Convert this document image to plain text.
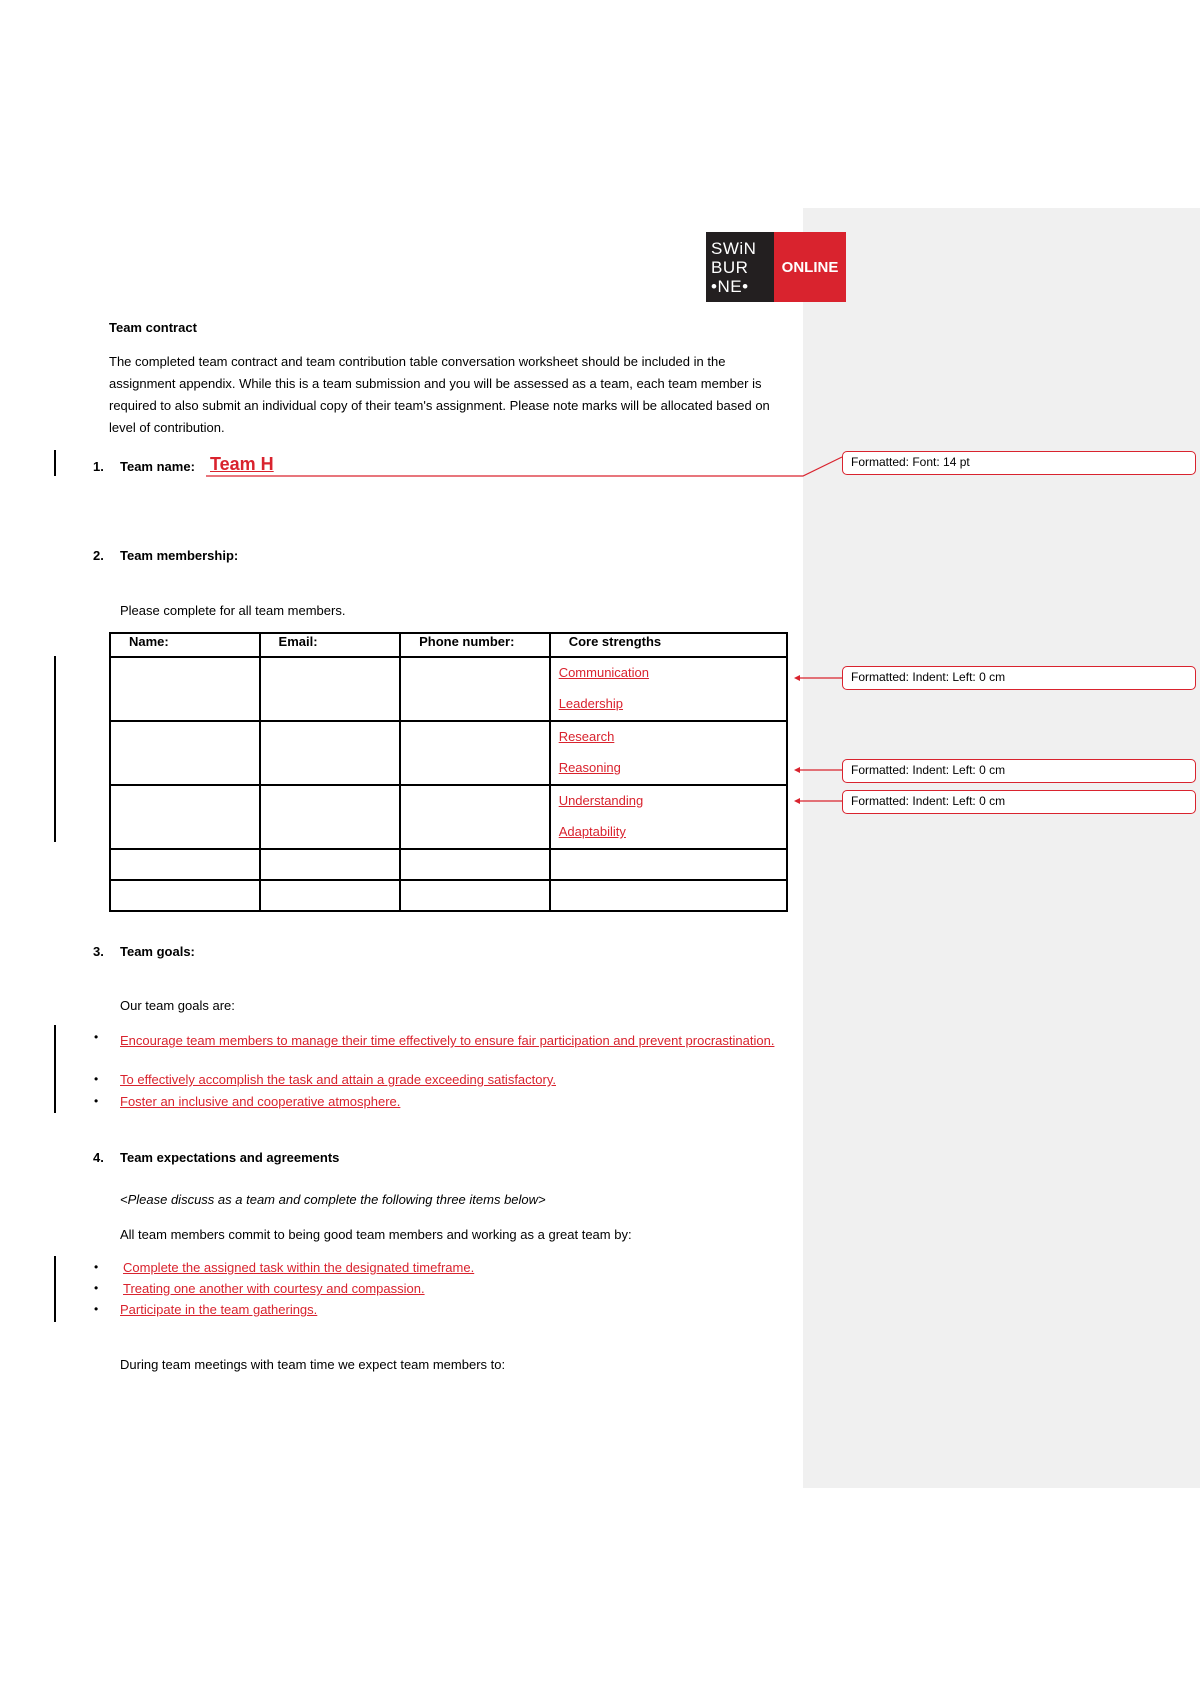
SWiN
BUR
•NE•
ONLINE
Team contract
The completed team contract and team contribution table conversation worksheet should be included in the assignment appendix. While this is a team submission and you will be assessed as a team, each team member is required to also submit an individual copy of their team's assignment. Please note marks will be allocated based on level of contribution.
1. Team name: Team H
2. Team membership:
Please complete for all team members.
Name:	Email:	Phone number:	Core strengths

			Communication
Leadership

			Research
Reasoning

			Understanding
Adaptability

3. Team goals:
Our team goals are:
• Encourage team members to manage their time effectively to ensure fair participation and prevent procrastination.
• To effectively accomplish the task and attain a grade exceeding satisfactory.
• Foster an inclusive and cooperative atmosphere.
4. Team expectations and agreements
<Please discuss as a team and complete the following three items below>
All team members commit to being good team members and working as a great team by:
• Complete the assigned task within the designated timeframe.
• Treating one another with courtesy and compassion.
• Participate in the team gatherings.
During team meetings with team time we expect team members to:
Formatted: Font: 14 pt
Formatted: Indent: Left: 0 cm
Formatted: Indent: Left: 0 cm
Formatted: Indent: Left: 0 cm
